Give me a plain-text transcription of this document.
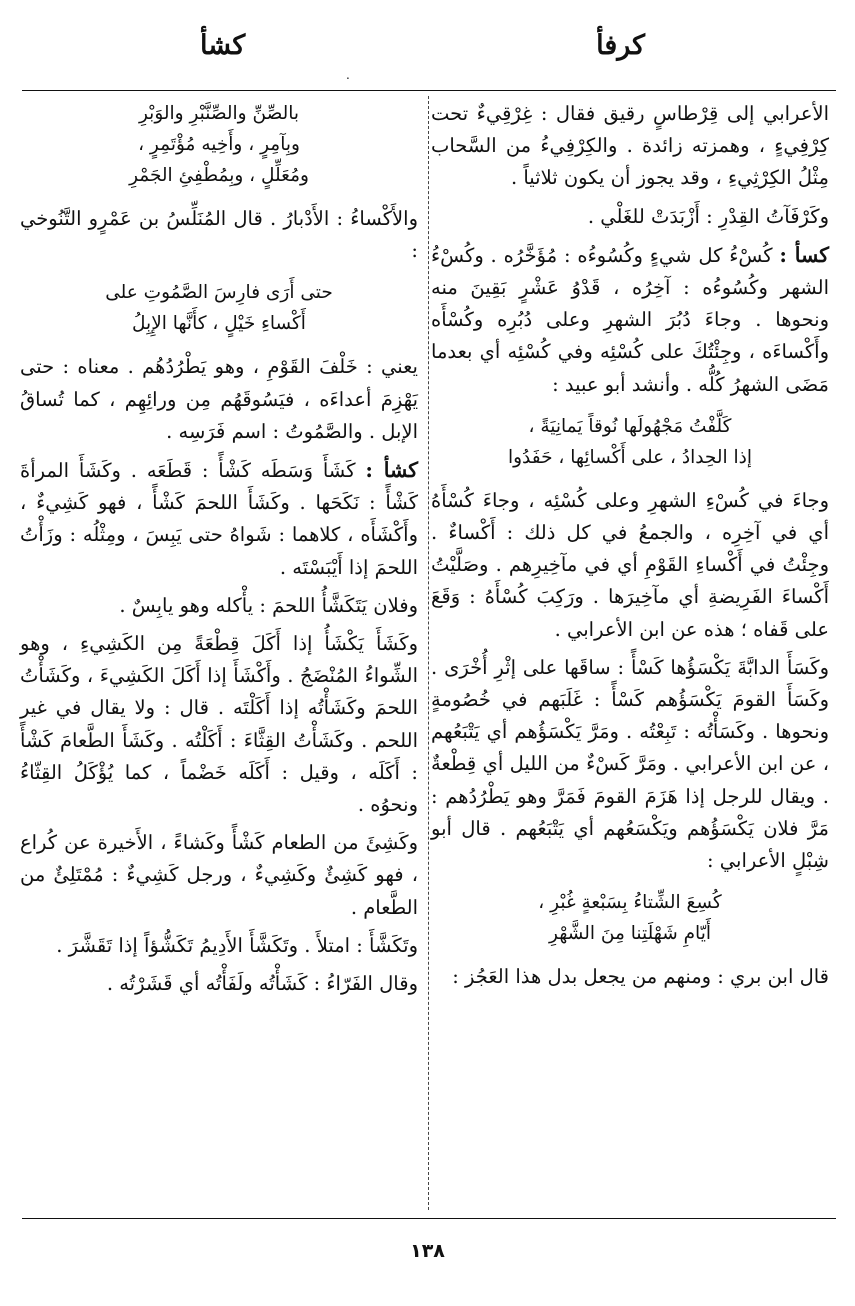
كرفأ
كشأ
.

الأعرابي إلى قِرْطاسٍ رقيق فقال : غِرْقِيءٌ تحت كِرْفِيءٍ ، وهمزته زائدة . والكِرْفِيءُ من السَّحاب مِثْلُ الكِرْثِيءِ ، وقد يجوز أن يكون ثلاثياً .

وكَرْفَآتُ القِدْرِ : أَزْبَدَتْ للغَلْي .

كسأ : كُسْءُ كل شيءٍ وكُسُوءُه : مُؤَخَّرُه . وكُسْءُ الشهر وكُسُوءُه : آخِرُه ، قَدْوُ عَشْرٍ بَقِينَ منه ونحوها . وجاءَ دُبُرَ الشهرِ وعلى دُبُرِه وكُسْأَه وأَكْساءَه ، وجِئْتُكَ على كُسْئِه وفي كُسْئِه أي بعدما مَضَى الشهرُ كُلُّه . وأنشد أبو عبيد :

كَلَّفْتُ مَجْهُولَها نُوقاً يَمانِيَةً ،
إذا الحِدادُ ، على أَكْسائِها ، حَفَدُوا

وجاءَ في كُسْءِ الشهرِ وعلى كُسْئِه ، وجاءَ كُسْأَهُ أي في آخِرِه ، والجمعُ في كل ذلك : أَكْساءٌ . وجِئْتُ في أَكْساءِ القَوْمِ أي في مآخِيرِهم . وصَلَّيْتُ أَكْساءَ الفَرِيضةِ أي مآخِيرَها . ورَكِبَ كُسْأَهُ : وَقَعَ على قَفاه ؛ هذه عن ابن الأعرابي .

وكَسَأَ الدابَّةَ يَكْسَؤُها كَسْأً : ساقَها على إثْرِ أُخْرَى . وكَسَأَ القومَ يَكْسَؤُهم كَسْأً : غَلَبَهم في خُصُومةٍ ونحوها . وكَسَأْتُه : تَبِعْتُه . ومَرَّ يَكْسَؤُهم أي يَتْبَعُهم ، عن ابن الأعرابي . ومَرَّ كَسْءٌ من الليل أي قِطْعةٌ . ويقال للرجل إذا هَزَمَ القومَ فَمَرَّ وهو يَطْرُدُهم : مَرَّ فلان يَكْسَؤُهم ويَكْسَعُهم أي يَتْبَعُهم . قال أبو شِبْلٍ الأعرابي :

كُسِعَ الشِّتاءُ بِسَبْعةٍ غُبْرِ ،
أَيّامِ شَهْلَتِنا مِنَ الشَّهْرِ

قال ابن بري : ومنهم من يجعل بدل هذا العَجُز :

بالصِّنِّ والصِّنَّبْرِ والوَبْرِ
وبِآمِرٍ ، وأَخِيه مُؤْتَمِرٍ ،
ومُعَلِّلٍ ، وبِمُطْفِئِ الجَمْرِ

والأَكْساءُ : الأَدْبارُ . قال المُنَلِّسُ بن عَمْرٍو التَّنُوخي :

حتى أَرَى فارِسَ الصَّمُوتِ على
أَكْساءِ خَيْلٍ ، كأَنَّها الإِبِلُ

يعني : خَلْفَ القَوْمِ ، وهو يَطْرُدُهُم . معناه : حتى يَهْزِمَ أعداءَه ، فيَسُوقَهُم مِن ورائِهِم ، كما تُساقُ الإبل . والصَّمُوتُ : اسم فَرَسِه .

كشأ : كَشَأَ وَسَطَه كَشْأً : قَطَعَه . وكَشَأَ المرأةَ كَشْأً : نَكَحَها . وكَشَأَ اللحمَ كَشْأً ، فهو كَشِيءٌ ، وأَكْشَأَه ، كلاهما : شَواهُ حتى يَبِسَ ، ومِثْلُه : وزَأْتُ اللحمَ إذا أَيْبَسْتَه .

وفلان يَتَكَشَّأُ اللحمَ : يأْكله وهو يابِسٌ .

وكَشَأَ يَكْشَأُ إذا أَكَلَ قِطْعَةً مِن الكَشِيءِ ، وهو الشِّواءُ المُنْضَجُ . وأَكْشَأَ إذا أَكَلَ الكَشِيءَ ، وكَشَأْتُ اللحمَ وكَشَأْتُه إذا أَكَلْتَه . قال : ولا يقال في غير اللحم . وكَشَأْتُ القِثَّاءَ : أَكَلْتُه . وكَشَأَ الطَّعامَ كَشْأً : أَكَلَه ، وقيل : أَكَلَه خَضْماً ، كما يُؤْكَلُ القِثّاءُ ونحوُه .

وكَشِئَ من الطعام كَشْأً وكَشاءً ، الأَخيرة عن كُراع ، فهو كَشِئٌ وكَشِيءٌ ، ورجل كَشِيءٌ : مُمْتَلِئٌ من الطَّعام .

وتَكَشَّأَ : امتلأَ . وتَكَشَّأَ الأَدِيمُ تَكَشُّؤاً إذا تَقَشَّرَ .

وقال الفَرّاءُ : كَشَأْتُه ولَفَأْتُه أي قَشَرْتُه .

١٣٨
